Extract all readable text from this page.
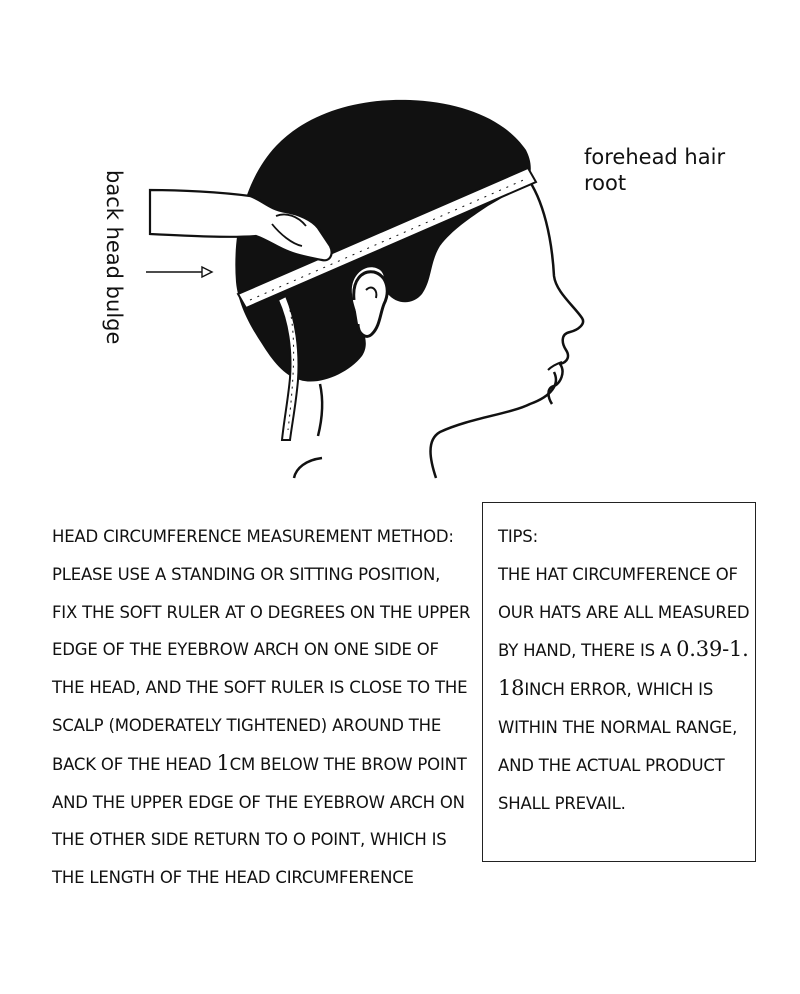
forehead hair
root
back head bulge
HEAD CIRCUMFERENCE MEASUREMENT METHOD:
PLEASE USE A STANDING OR SITTING POSITION,
FIX THE SOFT RULER AT O DEGREES ON THE UPPER
EDGE OF THE EYEBROW ARCH ON ONE SIDE OF
THE HEAD, AND THE SOFT RULER IS CLOSE TO THE
SCALP (MODERATELY TIGHTENED) AROUND THE
BACK OF THE HEAD 1CM BELOW THE BROW POINT
AND THE UPPER EDGE OF THE EYEBROW ARCH ON
THE OTHER SIDE RETURN TO O POINT, WHICH IS
THE LENGTH OF THE HEAD CIRCUMFERENCE
TIPS:
THE HAT CIRCUMFERENCE OF
OUR HATS ARE ALL MEASURED
BY HAND, THERE IS A 0.39-1.
18INCH ERROR, WHICH IS
WITHIN THE NORMAL RANGE,
AND THE ACTUAL PRODUCT
SHALL PREVAIL.
